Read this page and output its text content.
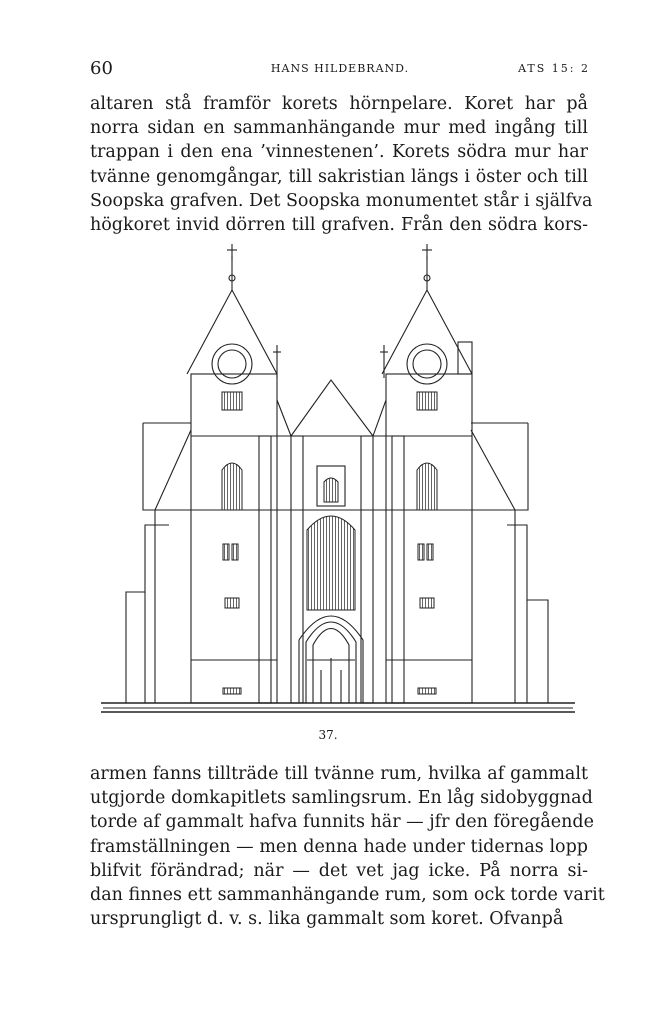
60	HANS HILDEBRAND.	ATS 15: 2
altaren stå framför korets hörnpelare. Koret har på
norra sidan en sammanhängande mur med ingång till
trappan i den ena ’vinnestenen’. Korets södra mur har
tvänne genomgångar, till sakristian längs i öster och till
Soopska grafven. Det Soopska monumentet står i själfva
högkoret invid dörren till grafven. Från den södra kors-
37.
armen fanns tillträde till tvänne rum, hvilka af gammalt
utgjorde domkapitlets samlingsrum. En låg sidobyggnad
torde af gammalt hafva funnits här — jfr den föregående
framställningen — men denna hade under tidernas lopp
blifvit förändrad; när — det vet jag icke. På norra si-
dan finnes ett sammanhängande rum, som ock torde varit
ursprungligt d. v. s. lika gammalt som koret. Ofvanpå
